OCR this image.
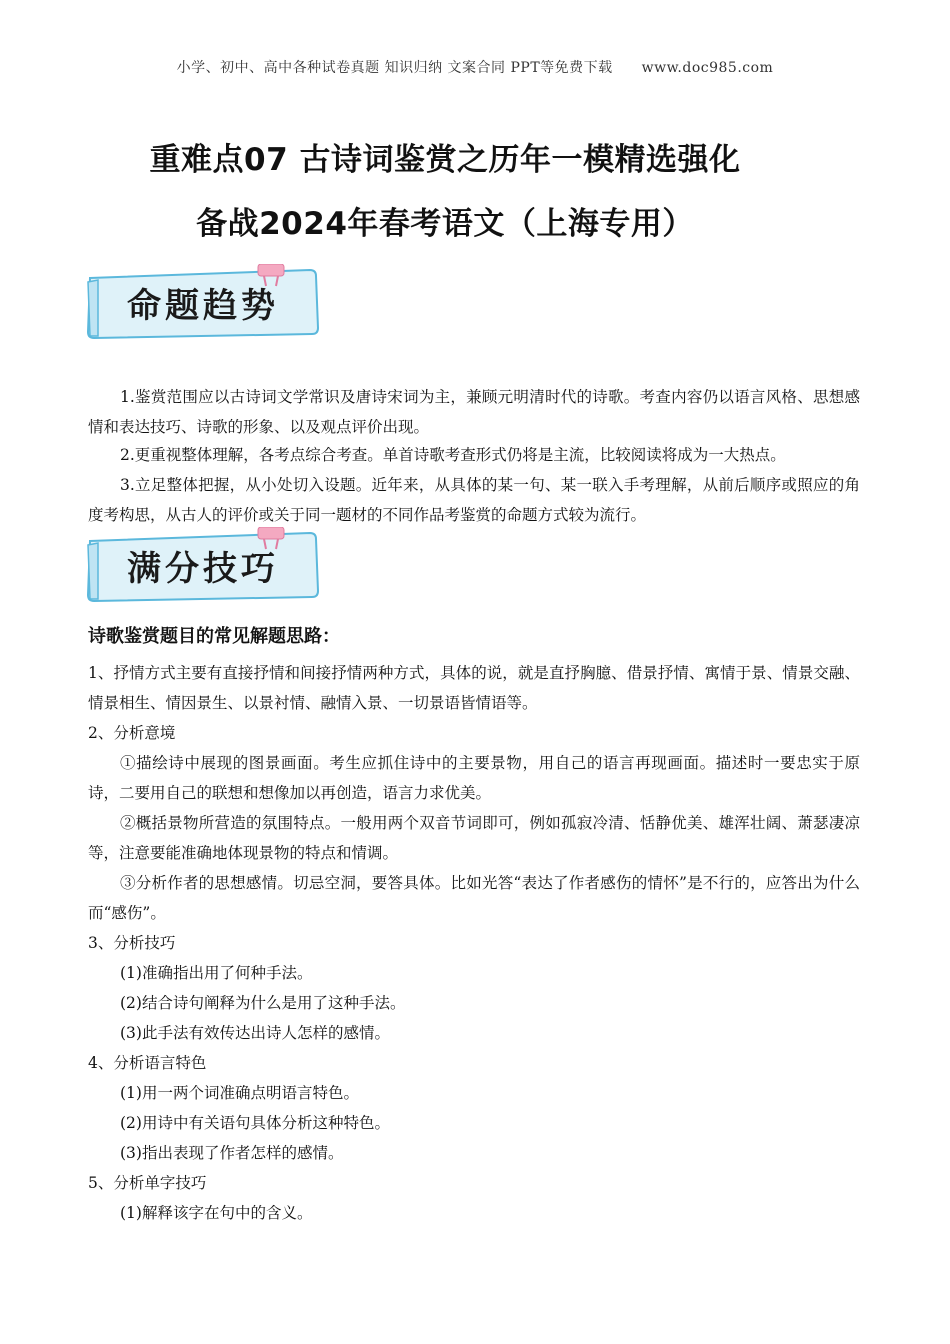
小学、初中、高中各种试卷真题 知识归纳 文案合同 PPT等免费下载 www.doc985.com
重难点07 古诗词鉴赏之历年一模精选强化
备战2024年春考语文（上海专用）
命题趋势

1.鉴赏范围应以古诗词文学常识及唐诗宋词为主，兼顾元明清时代的诗歌。考查内容仍以语言风格、思想感情和表达技巧、诗歌的形象、以及观点评价出现。

2.更重视整体理解，各考点综合考查。单首诗歌考查形式仍将是主流，比较阅读将成为一大热点。

3.立足整体把握，从小处切入设题。近年来，从具体的某一句、某一联入手考理解，从前后顺序或照应的角度考构思，从古人的评价或关于同一题材的不同作品考鉴赏的命题方式较为流行。

满分技巧
诗歌鉴赏题目的常见解题思路：

1、抒情方式主要有直接抒情和间接抒情两种方式，具体的说，就是直抒胸臆、借景抒情、寓情于景、情景交融、情景相生、情因景生、以景衬情、融情入景、一切景语皆情语等。

2、分析意境

①描绘诗中展现的图景画面。考生应抓住诗中的主要景物，用自己的语言再现画面。描述时一要忠实于原诗，二要用自己的联想和想像加以再创造，语言力求优美。

②概括景物所营造的氛围特点。一般用两个双音节词即可，例如孤寂冷清、恬静优美、雄浑壮阔、萧瑟凄凉等，注意要能准确地体现景物的特点和情调。

③分析作者的思想感情。切忌空洞，要答具体。比如光答“表达了作者感伤的情怀”是不行的，应答出为什么而“感伤”。

3、分析技巧

(1)准确指出用了何种手法。

(2)结合诗句阐释为什么是用了这种手法。

(3)此手法有效传达出诗人怎样的感情。

4、分析语言特色

(1)用一两个词准确点明语言特色。

(2)用诗中有关语句具体分析这种特色。

(3)指出表现了作者怎样的感情。

5、分析单字技巧

(1)解释该字在句中的含义。
